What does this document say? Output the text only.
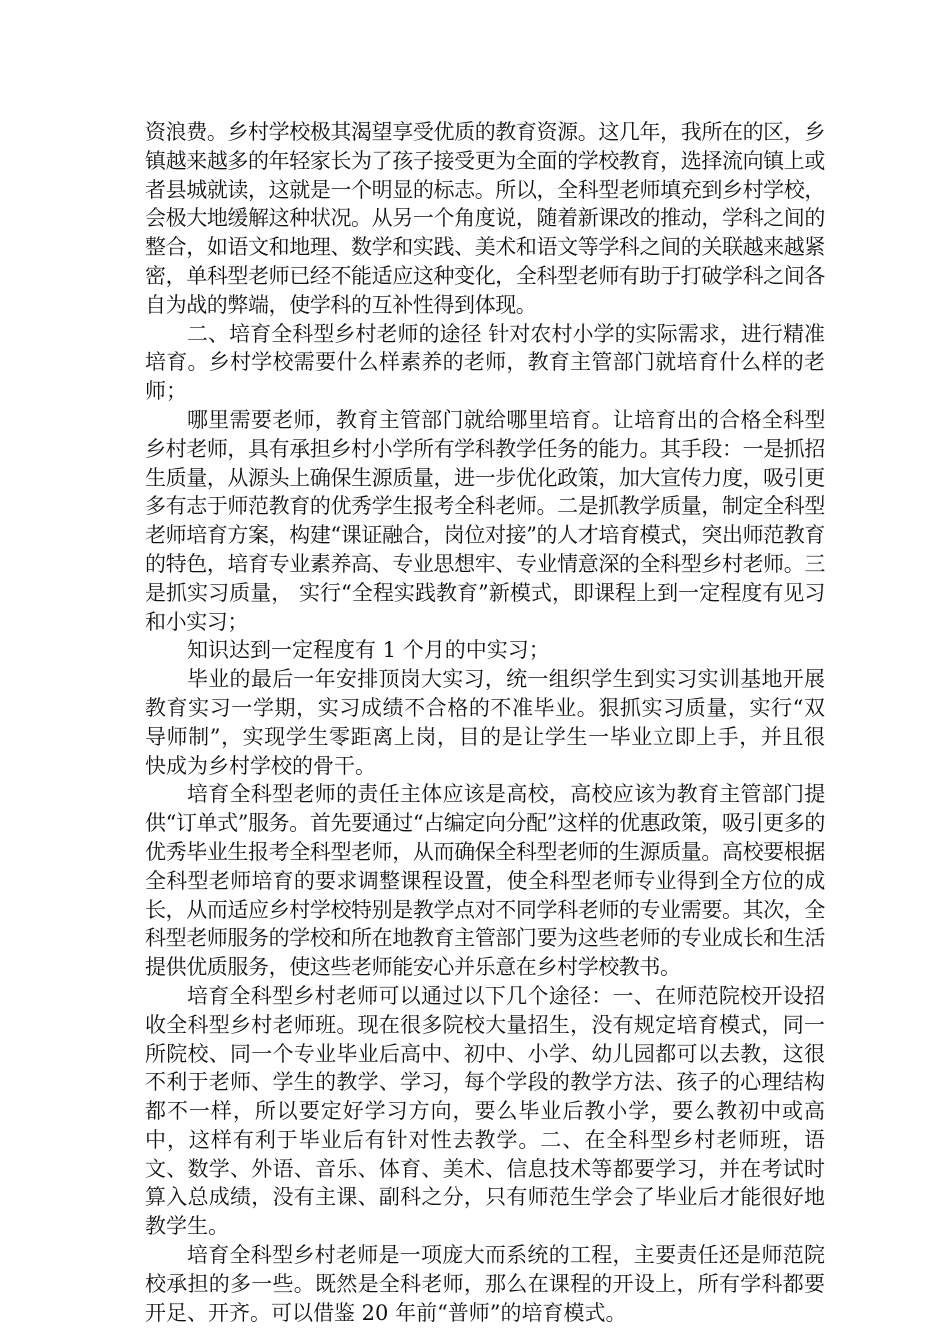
资浪费。乡村学校极其渴望享受优质的教育资源。这几年，我所在的区，乡镇越来越多的年轻家长为了孩子接受更为全面的学校教育，选择流向镇上或者县城就读，这就是一个明显的标志。所以，全科型老师填充到乡村学校，会极大地缓解这种状况。从另一个角度说，随着新课改的推动，学科之间的整合，如语文和地理、数学和实践、美术和语文等学科之间的关联越来越紧密，单科型老师已经不能适应这种变化，全科型老师有助于打破学科之间各自为战的弊端，使学科的互补性得到体现。

二、培育全科型乡村老师的途径 针对农村小学的实际需求，进行精准培育。乡村学校需要什么样素养的老师，教育主管部门就培育什么样的老师；

哪里需要老师，教育主管部门就给哪里培育。让培育出的合格全科型乡村老师，具有承担乡村小学所有学科教学任务的能力。其手段：一是抓招生质量，从源头上确保生源质量，进一步优化政策，加大宣传力度，吸引更多有志于师范教育的优秀学生报考全科老师。二是抓教学质量，制定全科型老师培育方案，构建“课证融合，岗位对接”的人才培育模式，突出师范教育的特色，培育专业素养高、专业思想牢、专业情意深的全科型乡村老师。三是抓实习质量， 实行“全程实践教育”新模式，即课程上到一定程度有见习和小实习；

知识达到一定程度有 1 个月的中实习；

毕业的最后一年安排顶岗大实习，统一组织学生到实习实训基地开展教育实习一学期，实习成绩不合格的不准毕业。狠抓实习质量，实行“双导师制”，实现学生零距离上岗，目的是让学生一毕业立即上手，并且很快成为乡村学校的骨干。

培育全科型老师的责任主体应该是高校，高校应该为教育主管部门提供“订单式”服务。首先要通过“占编定向分配”这样的优惠政策，吸引更多的优秀毕业生报考全科型老师，从而确保全科型老师的生源质量。高校要根据全科型老师培育的要求调整课程设置，使全科型老师专业得到全方位的成长，从而适应乡村学校特别是教学点对不同学科老师的专业需要。其次，全科型老师服务的学校和所在地教育主管部门要为这些老师的专业成长和生活提供优质服务，使这些老师能安心并乐意在乡村学校教书。

培育全科型乡村老师可以通过以下几个途径：一、在师范院校开设招收全科型乡村老师班。现在很多院校大量招生，没有规定培育模式，同一所院校、同一个专业毕业后高中、初中、小学、幼儿园都可以去教，这很不利于老师、学生的教学、学习，每个学段的教学方法、孩子的心理结构都不一样，所以要定好学习方向，要么毕业后教小学，要么教初中或高中，这样有利于毕业后有针对性去教学。二、在全科型乡村老师班，语文、数学、外语、音乐、体育、美术、信息技术等都要学习，并在考试时算入总成绩，没有主课、副科之分，只有师范生学会了毕业后才能很好地教学生。

培育全科型乡村老师是一项庞大而系统的工程，主要责任还是师范院校承担的多一些。既然是全科老师，那么在课程的开设上，所有学科都要开足、开齐。可以借鉴 20 年前“普师”的培育模式。
